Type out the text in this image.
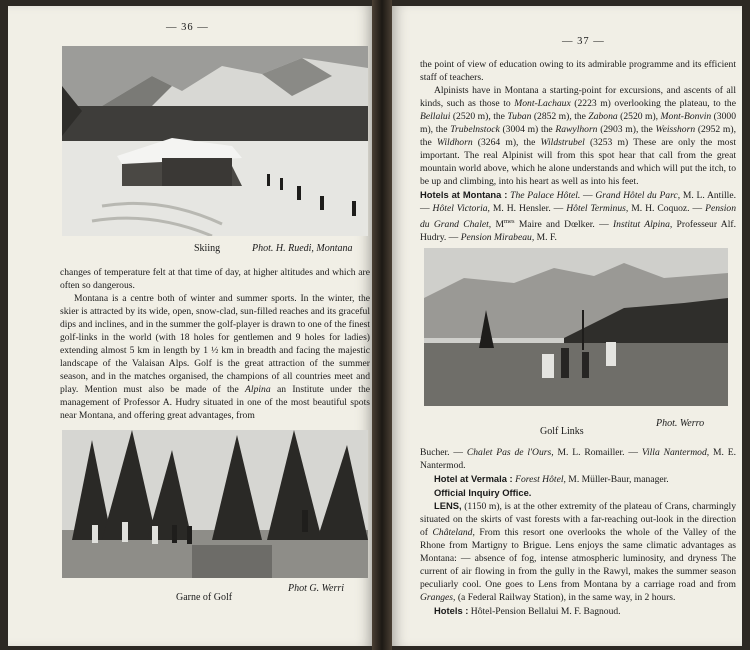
— 36 —
Skiing	Phot. H. Ruedi, Montana

changes of temperature felt at that time of day, at higher altitudes and which are often so dangerous.

Montana is a centre both of winter and summer sports. In the winter, the skier is attracted by its wide, open, snow-clad, sun-filled reaches and its graceful dips and inclines, and in the summer the golf-player is drawn to one of the finest golf-links in the world (with 18 holes for gentlemen and 9 holes for ladies) extending almost 5 km in length by 1 ½ km in breadth and facing the majestic landscape of the Valaisan Alps. Golf is the great attraction of the summer season, and in the matches organised, the champions of all countries meet and play. Mention must also be made of the Alpina an Institute under the management of Professor A. Hudry situated in one of the most beautiful spots near Montana, and offering great advantages, from

Garne of Golf
Phot G. Werri
— 37 —

the point of view of education owing to its admirable programme and its efficient staff of teachers.

Alpinists have in Montana a starting-point for excursions, and ascents of all kinds, such as those to Mont-Lachaux (2223 m) overlooking the plateau, to the Bellalui (2520 m), the Tuban (2852 m), the Zabona (2520 m), Mont-Bonvin (3000 m), the Trubelnstock (3004 m) the Rawylhorn (2903 m), the Weisshorn (2952 m), the Wildhorn (3264 m), the Wildstrubel (3253 m) These are only the most important. The real Alpinist will from this spot hear that call from the great mountain world above, which he alone understands and which will put the itch, to be up and climbing, into his heart as well as into his feet.

Hotels at Montana : The Palace Hôtel. — Grand Hôtel du Parc, M. L. Antille. — Hôtel Victoria, M. H. Hensler. — Hôtel Terminus, M. H. Coquoz. — Pension du Grand Chalet, $M^{mes}$ Maire and Dœlker. — Institut Alpina, Professeur Alf. Hudry. — Pension Mirabeau, M. F.

Phot. Werro
Golf Links

Bucher. — Chalet Pas de l'Ours, M. L. Romailler. — Villa Nantermod, M. E. Nantermod.

Hotel at Vermala : Forest Hôtel, M. Müller-Baur, manager.

Official Inquiry Office.

LENS, (1150 m), is at the other extremity of the plateau of Crans, charmingly situated on the skirts of vast forests with a far-reaching out-look in the direction of Châteland, From this resort one overlooks the whole of the Valley of the Rhone from Martigny to Brigue. Lens enjoys the same climatic advantages as Montana: — absence of fog, intense atmospheric luminosity, and dryness The current of air flowing in from the gully in the Rawyl, makes the summer season peculiarly cool. One goes to Lens from Montana by a carriage road and from Granges, (a Federal Railway Station), in the same way, in 2 hours.

Hotels : Hôtel-Pension Bellalui M. F. Bagnoud.
